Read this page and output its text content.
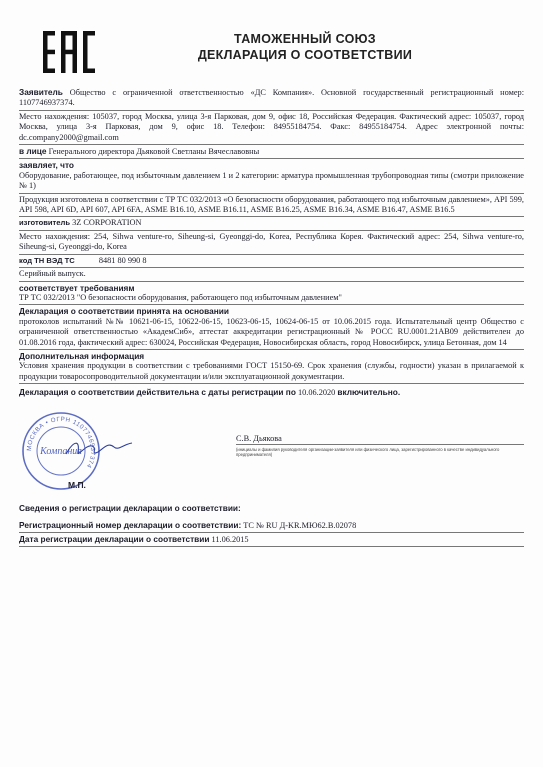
ТАМОЖЕННЫЙ СОЮЗ
ДЕКЛАРАЦИЯ О СООТВЕТСТВИИ
Заявитель Общество с ограниченной ответственностью «ДС Компания». Основной государственный регистрационный номер: 1107746937374.
Место нахождения: 105037, город Москва, улица 3-я Парковая, дом 9, офис 18, Российская Федерация. Фактический адрес: 105037, город Москва, улица 3-я Парковая, дом 9, офис 18. Телефон: 84955184754. Факс: 84955184754. Адрес электронной почты: dc.company2000@gmail.com
в лице Генерального директора Дьяковой Светланы Вячеславовны
заявляет, что
Оборудование, работающее, под избыточным давлением 1 и 2 категории: арматура промышленная трубопроводная типы (смотри приложение № 1)
Продукция изготовлена в соответствии с ТР ТС 032/2013 «О безопасности оборудования, работающего под избыточным давлением», API 599, API 598, API 6D, API 607, API 6FA, ASME B16.10, ASME B16.11, ASME B16.25, ASME B16.34, ASME B16.47, ASME B16.5
изготовитель 3Z CORPORATION
Место нахождения: 254, Sihwa venture-ro, Siheung-si, Gyeonggi-do, Korea, Республика Корея. Фактический адрес: 254, Sihwa venture-ro, Siheung-si, Gyeonggi-do, Korea
код ТН ВЭД ТС	8481 80 990 8
Серийный выпуск.
соответствует требованиям
ТР ТС 032/2013 "О безопасности оборудования, работающего под избыточным давлением"
Декларация о соответствии принята на основании
протоколов испытаний №№ 10621-06-15, 10622-06-15, 10623-06-15, 10624-06-15 от 10.06.2015 года. Испытательный центр Общество с ограниченной ответственностью «АкадемСиб», аттестат аккредитации регистрационный № РОСС RU.0001.21АВ09 действителен до 01.08.2016 года, фактический адрес: 630024, Российская Федерация, Новосибирская область, город Новосибирск, улица Бетонная, дом 14
Дополнительная информация
Условия хранения продукции в соответствии с требованиями ГОСТ 15150-69. Срок хранения (службы, годности) указан в прилагаемой к продукции товаросопроводительной документации и/или эксплуатационной документации.
Декларация о соответствии действительна с даты регистрации по 10.06.2020 включительно.
МОСКВА • ОГРН 1107746937374
Компания
М.П.
С.В. Дьякова
(инициалы и фамилия руководителя организации-заявителя или физического лица, зарегистрированного в качестве индивидуального предпринимателя)
Сведения о регистрации декларации о соответствии:
Регистрационный номер декларации о соответствии: ТС № RU Д-KR.МЮ62.В.02078
Дата регистрации декларации о соответствии 11.06.2015
